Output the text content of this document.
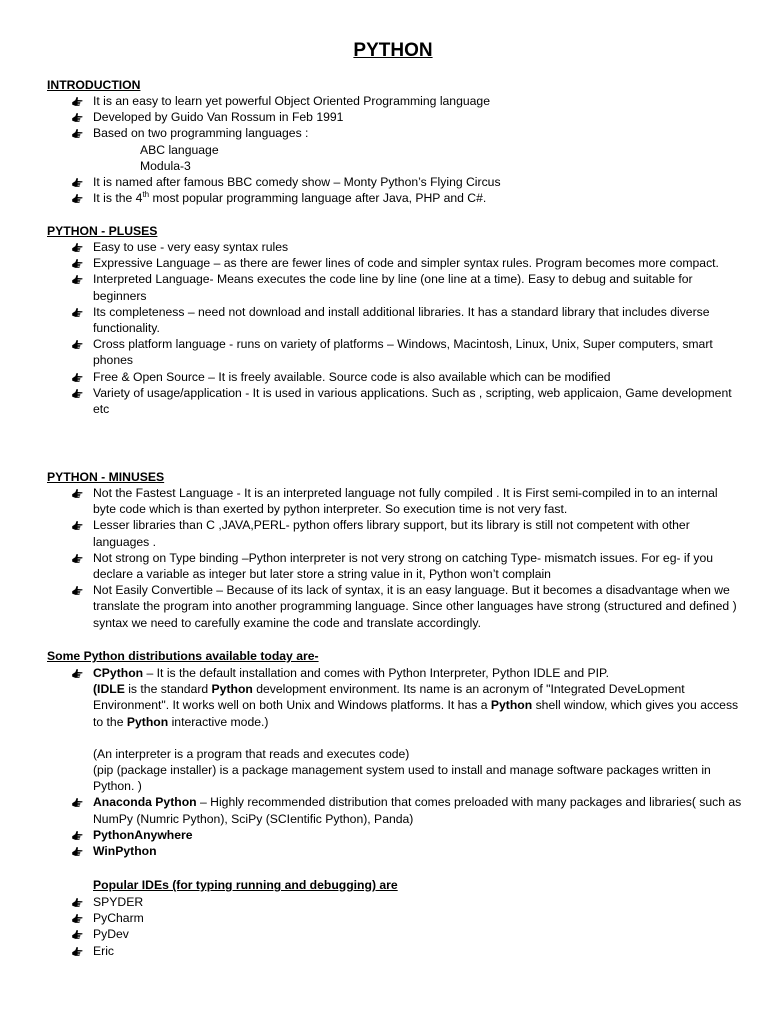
PYTHON
INTRODUCTION
It is an easy to learn yet powerful Object Oriented Programming language
Developed by Guido Van Rossum in Feb 1991
Based on two programming languages :
ABC language
Modula-3
It is named after famous BBC comedy show – Monty Python’s Flying Circus
It is the 4th most popular programming language after Java, PHP and C#.
PYTHON - PLUSES
Easy to use - very easy syntax rules
Expressive Language – as there are fewer lines of code and simpler syntax rules. Program becomes more compact.
Interpreted Language- Means executes the code line by line (one line at a time). Easy to debug and suitable for beginners
Its completeness – need not download and install additional libraries. It has a standard library that includes diverse functionality.
Cross platform language - runs on variety of platforms – Windows, Macintosh, Linux, Unix, Super computers, smart phones
Free & Open Source – It is freely available. Source code is also available which can be modified
Variety of usage/application - It is used in various applications. Such as , scripting, web applicaion, Game development etc
PYTHON - MINUSES
Not the Fastest Language - It is an interpreted language not fully compiled . It is First semi-compiled in to an internal byte code which is than exerted by python interpreter. So execution time is not very fast.
Lesser libraries than C ,JAVA,PERL- python offers library support, but its library is still not competent with other languages .
Not strong on Type binding –Python interpreter is not very strong on catching Type- mismatch issues. For eg- if you declare a variable as integer but later store a string value in it, Python won’t complain
Not Easily Convertible – Because of its lack of syntax, it is an easy language. But it becomes a disadvantage when we translate the program into another programming language. Since other languages have strong (structured and defined ) syntax we need to carefully examine the code and translate accordingly.
Some Python distributions available today are-
CPython – It is the default installation and comes with Python Interpreter, Python IDLE and PIP.
(IDLE is the standard Python development environment. Its name is an acronym of "Integrated DeveLopment Environment". It works well on both Unix and Windows platforms. It has a Python shell window, which gives you access to the Python interactive mode.)
(An interpreter is a program that reads and executes code)
(pip (package installer) is a package management system used to install and manage software packages written in Python. )
Anaconda Python – Highly recommended distribution that comes preloaded with many packages and libraries( such as NumPy (Numric Python), SciPy (SCIentific Python), Panda)
PythonAnywhere
WinPython
Popular IDEs (for typing running and debugging) are
SPYDER
PyCharm
PyDev
Eric
